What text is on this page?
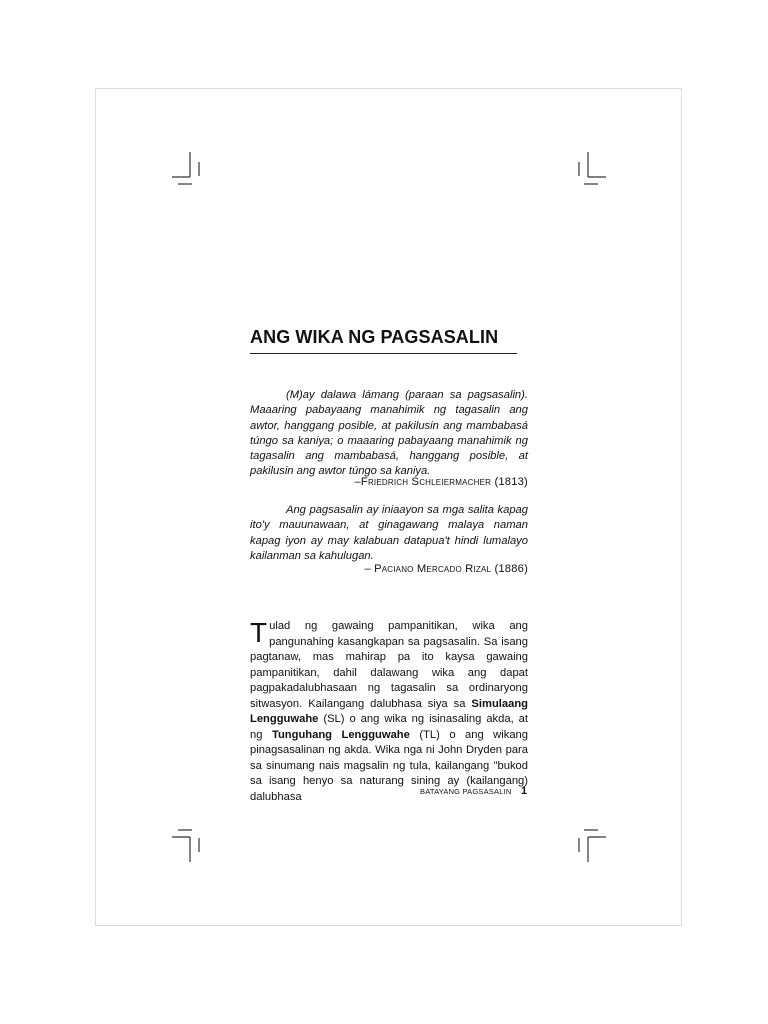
ANG WIKA NG PAGSASALIN
(M)ay dalawa lámang (paraan sa pagsasalin). Maaaring pabayaang manahimik ng tagasalin ang awtor, hanggang posible, at pakilusin ang mambabasá túngo sa kaniya; o maaaring pabayaang manahimik ng tagasalin ang mambabasá, hanggang posible, at pakilusin ang awtor túngo sa kaniya.
–Friedrich Schleiermacher (1813)
Ang pagsasalin ay iniaayon sa mga salita kapag ito'y mauunawaan, at ginagawang malaya naman kapag iyon ay may kalabuan datapua't hindi lumalayo kailanman sa kahulugan.
– Paciano Mercado Rizal (1886)

Tulad ng gawaing pampanitikan, wika ang pangunahing kasangkapan sa pagsasalin. Sa isang pagtanaw, mas mahirap pa ito kaysa gawaing pampanitikan, dahil dalawang wika ang dapat pagpakadalubhasaan ng tagasalin sa ordinaryong sitwasyon. Kailangang dalubhasa siya sa Simulaang Lengguwahe (SL) o ang wika ng isinasaling akda, at ng Tunguhang Lengguwahe (TL) o ang wikang pinagsasalinan ng akda. Wika nga ni John Dryden para sa sinumang nais magsalin ng tula, kailangang "bukod sa isang henyo sa naturang sining ay (kailangang) dalubhasa	BATAYANG PAGSASALIN 1
